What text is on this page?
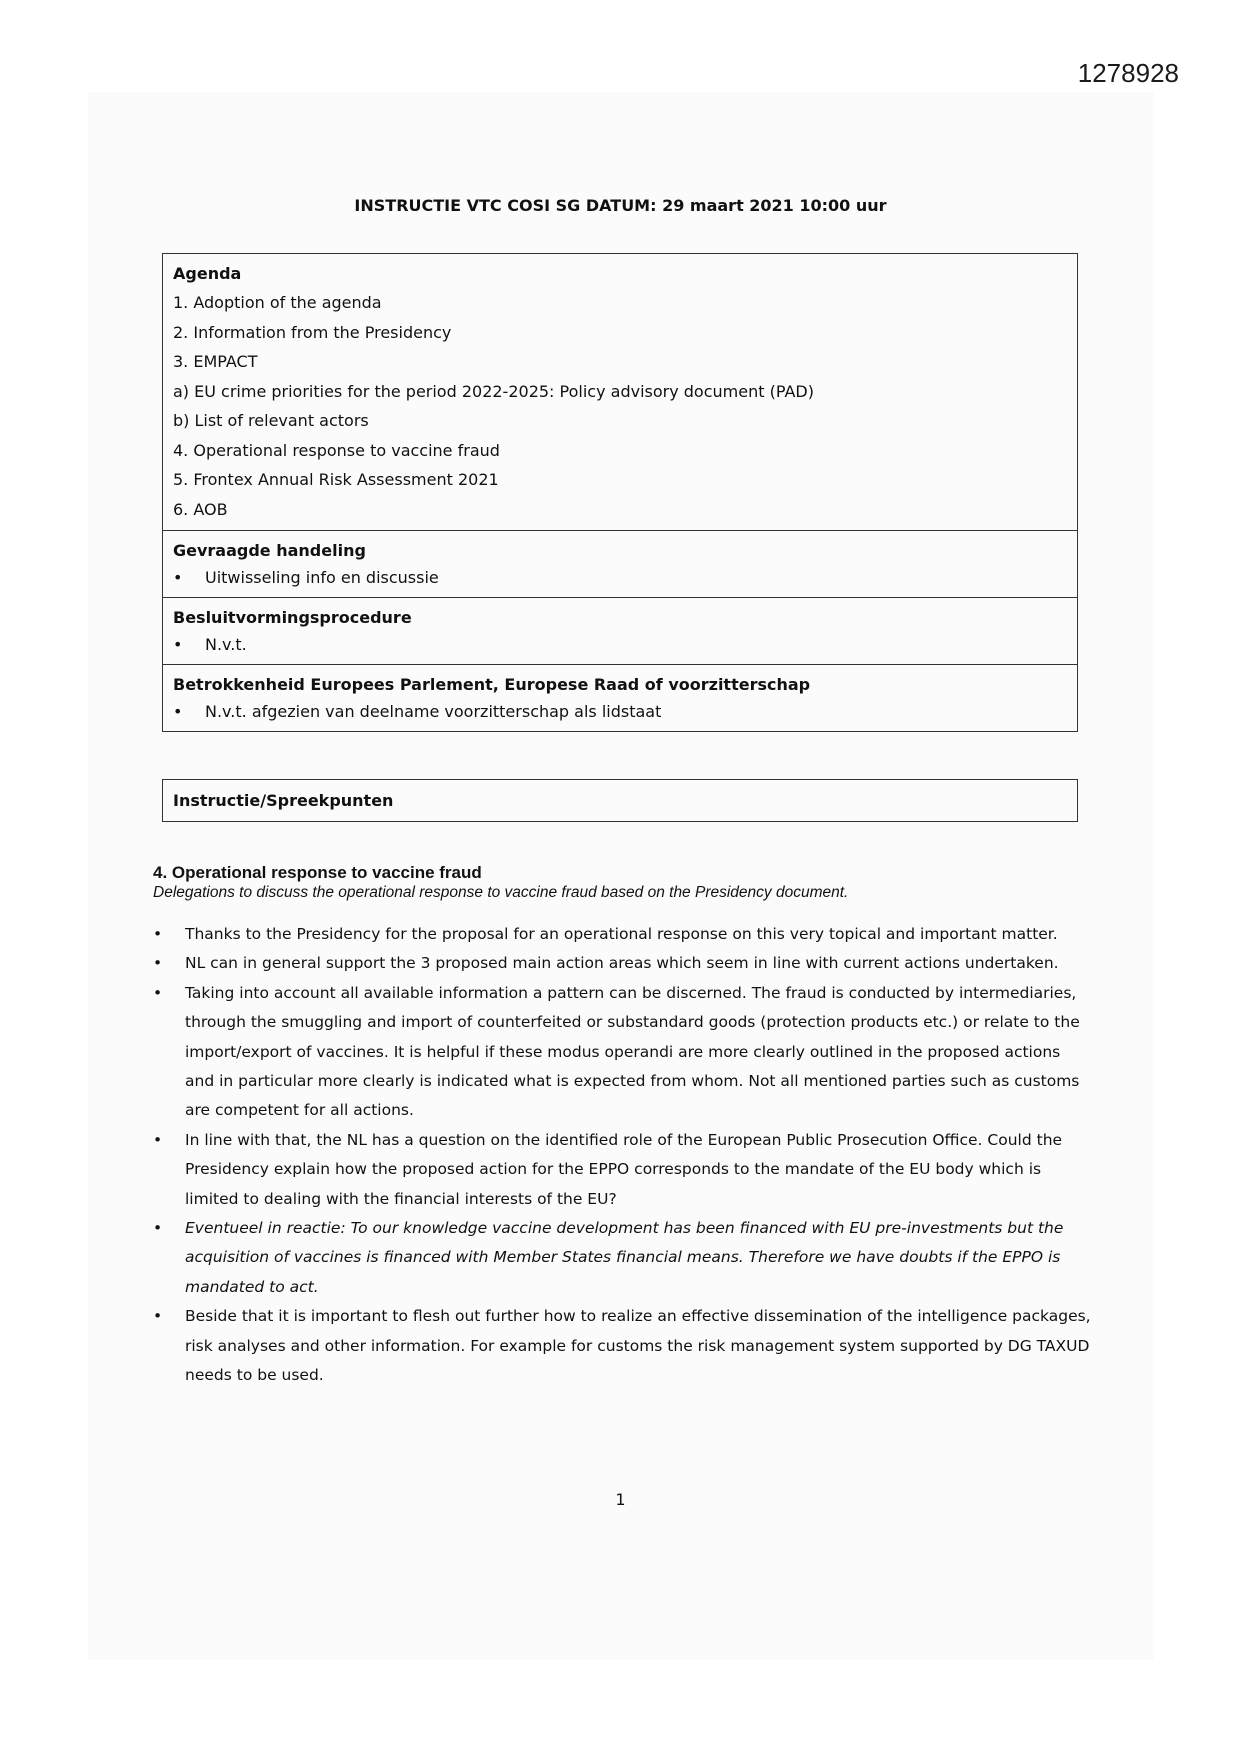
1278928
INSTRUCTIE VTC COSI SG DATUM: 29 maart 2021 10:00 uur
Agenda
1. Adoption of the agenda
2. Information from the Presidency
3. EMPACT
a) EU crime priorities for the period 2022-2025: Policy advisory document (PAD)
b) List of relevant actors
4. Operational response to vaccine fraud
5. Frontex Annual Risk Assessment 2021
6. AOB
Gevraagde handeling
•	Uitwisseling info en discussie
Besluitvormingsprocedure
•	N.v.t.
Betrokkenheid Europees Parlement, Europese Raad of voorzitterschap
•	N.v.t. afgezien van deelname voorzitterschap als lidstaat
Instructie/Spreekpunten
4. Operational response to vaccine fraud
Delegations to discuss the operational response to vaccine fraud based on the Presidency document.
•	Thanks to the Presidency for the proposal for an operational response on this very topical and important matter.
•	NL can in general support the 3 proposed main action areas which seem in line with current actions undertaken.
•	Taking into account all available information a pattern can be discerned. The fraud is conducted by intermediaries, through the smuggling and import of counterfeited or substandard goods (protection products etc.) or relate to the import/export of vaccines. It is helpful if these modus operandi are more clearly outlined in the proposed actions and in particular more clearly is indicated what is expected from whom. Not all mentioned parties such as customs are competent for all actions.
•	In line with that, the NL has a question on the identified role of the European Public Prosecution Office. Could the Presidency explain how the proposed action for the EPPO corresponds to the mandate of the EU body which is limited to dealing with the financial interests of the EU?
•	Eventueel in reactie: To our knowledge vaccine development has been financed with EU pre-investments but the acquisition of vaccines is financed with Member States financial means. Therefore we have doubts if the EPPO is mandated to act.
•	Beside that it is important to flesh out further how to realize an effective dissemination of the intelligence packages, risk analyses and other information. For example for customs the risk management system supported by DG TAXUD needs to be used.
1
